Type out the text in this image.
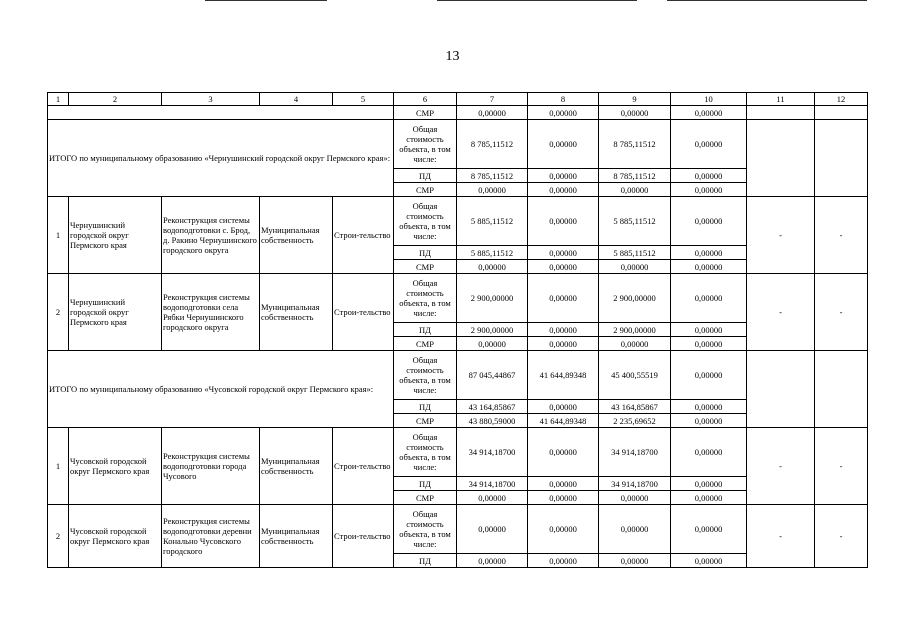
13
1	2	3	4	5	6	7	8	9	10	11	12
					СМР	0,00000	0,00000	0,00000	0,00000		
ИТОГО по муниципальному образованию «Чернушинский городской округ Пермского края»:					Общая стоимость объекта, в том числе:	8 785,11512	0,00000	8 785,11512	0,00000		
					ПД	8 785,11512	0,00000	8 785,11512	0,00000		
					СМР	0,00000	0,00000	0,00000	0,00000		
1	Чернушинский городской округ Пермского края	Реконструкция системы водоподготовки с. Брод, д. Ракино Чернушинского городского округа	Муниципальная собственность	Строи-тельство	Общая стоимость объекта, в том числе:	5 885,11512	0,00000	5 885,11512	0,00000	-	-
					ПД	5 885,11512	0,00000	5 885,11512	0,00000		
					СМР	0,00000	0,00000	0,00000	0,00000		
2	Чернушинский городской округ Пермского края	Реконструкция системы водоподготовки села Рябки Чернушинского городского округа	Муниципальная собственность	Строи-тельство	Общая стоимость объекта, в том числе:	2 900,00000	0,00000	2 900,00000	0,00000	-	-
					ПД	2 900,00000	0,00000	2 900,00000	0,00000		
					СМР	0,00000	0,00000	0,00000	0,00000		
ИТОГО по муниципальному образованию «Чусовской городской округ Пермского края»:					Общая стоимость объекта, в том числе:	87 045,44867	41 644,89348	45 400,55519	0,00000		
					ПД	43 164,85867	0,00000	43 164,85867	0,00000		
					СМР	43 880,59000	41 644,89348	2 235,69652	0,00000		
1	Чусовской городской округ Пермского края	Реконструкция системы водоподготовки города Чусового	Муниципальная собственность	Строи-тельство	Общая стоимость объекта, в том числе:	34 914,18700	0,00000	34 914,18700	0,00000	-	-
					ПД	34 914,18700	0,00000	34 914,18700	0,00000		
					СМР	0,00000	0,00000	0,00000	0,00000		
2	Чусовской городской округ Пермского края	Реконструкция системы водоподготовки деревни Конально Чусовского городского	Муниципальная собственность	Строи-тельство	Общая стоимость объекта, в том числе:	0,00000	0,00000	0,00000	0,00000	-	-
					ПД	0,00000	0,00000	0,00000	0,00000		
